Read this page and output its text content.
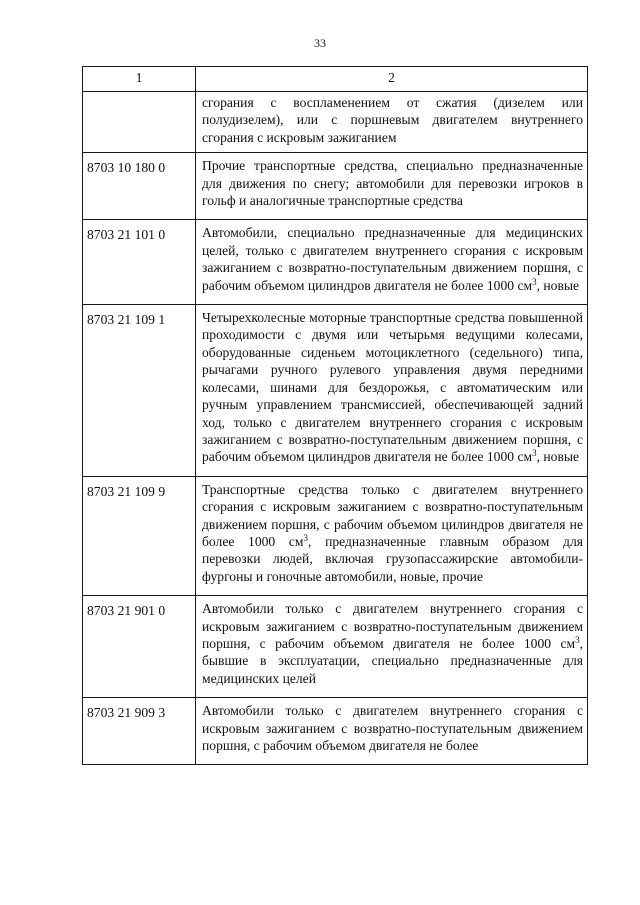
33
1	2
	сгорания с воспламенением от сжатия (дизелем или полудизелем), или с поршневым двигателем внутреннего сгорания с искровым зажиганием
8703 10 180 0	Прочие транспортные средства, специально предназначенные для движения по снегу; автомобили для перевозки игроков в гольф и аналогичные транспортные средства
8703 21 101 0	Автомобили, специально предназначенные для медицинских целей, только с двигателем внутреннего сгорания с искровым зажиганием с возвратно-поступательным движением поршня, с рабочим объемом цилиндров двигателя не более 1000 $см^3$, новые
8703 21 109 1	Четырехколесные моторные транспортные средства повышенной проходимости с двумя или четырьмя ведущими колесами, оборудованные сиденьем мотоциклетного (седельного) типа, рычагами ручного рулевого управления двумя передними колесами, шинами для бездорожья, с автоматическим или ручным управлением трансмиссией, обеспечивающей задний ход, только с двигателем внутреннего сгорания с искровым зажиганием с возвратно-поступательным движением поршня, с рабочим объемом цилиндров двигателя не более 1000 $см^3$, новые
8703 21 109 9	Транспортные средства только с двигателем внутреннего сгорания с искровым зажиганием с возвратно-поступательным движением поршня, с рабочим объемом цилиндров двигателя не более 1000 $см^3$, предназначенные главным образом для перевозки людей, включая грузопассажирские автомобили-фургоны и гоночные автомобили, новые, прочие
8703 21 901 0	Автомобили только с двигателем внутреннего сгорания с искровым зажиганием с возвратно-поступательным движением поршня, с рабочим объемом двигателя не более 1000 $см^3$, бывшие в эксплуатации, специально предназначенные для медицинских целей
8703 21 909 3	Автомобили только с двигателем внутреннего сгорания с искровым зажиганием с возвратно-поступательным движением поршня, с рабочим объемом двигателя не более
